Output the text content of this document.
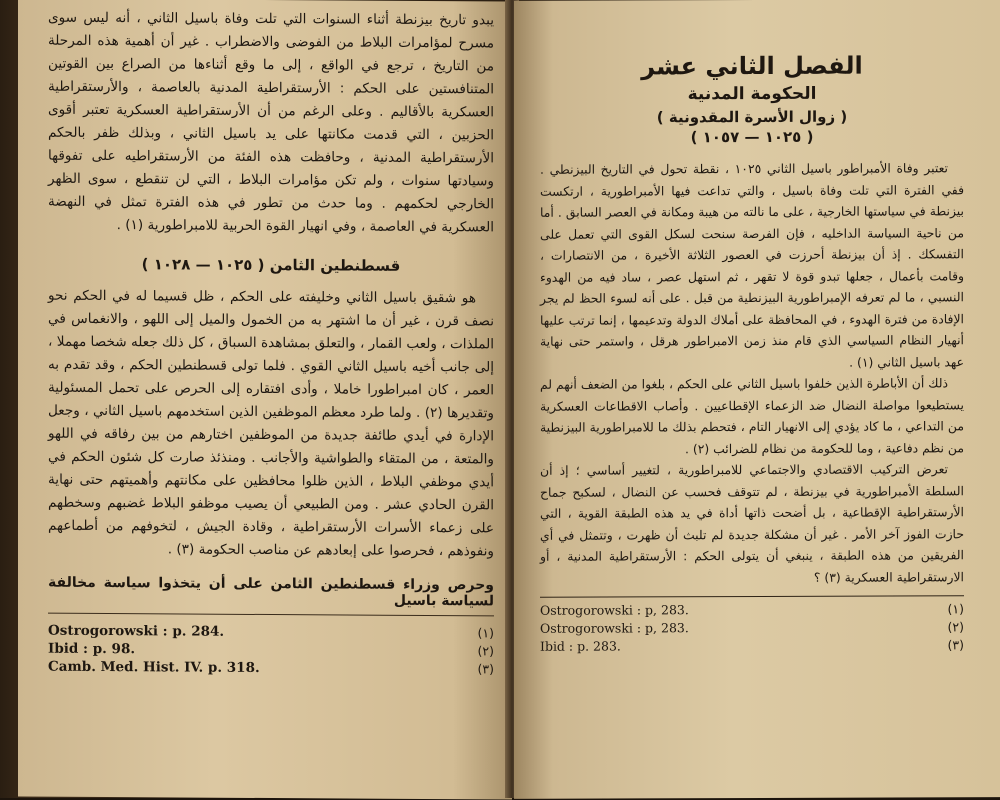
يبدو تاريخ بيزنطة أثناء السنوات التي تلت وفاة باسيل الثاني ، أنه ليس سوى مسرح لمؤامرات البلاط من الفوضى والاضطراب . غير أن أهمية هذه المرحلة من التاريخ ، ترجع في الواقع ، إلى ما وقع أثناءها من الصراع بين القوتين المتنافستين على الحكم : الأرستقراطية المدنية بالعاصمة ، والأرستقراطية العسكرية بالأقاليم . وعلى الرغم من أن الأرستقراطية العسكرية تعتبر أقوى الحزبين ، التي قدمت مكانتها على يد باسيل الثاني ، وبذلك ظفر بالحكم الأرستقراطية المدنية ، وحافظت هذه الفئة من الأرستقراطيه على تفوقها وسيادتها سنوات ، ولم تكن مؤامرات البلاط ، التي لن تنقطع ، سوى الظهر الخارجي لحكمهم . وما حدث من تطور في هذه الفترة تمثل في النهضة العسكرية في العاصمة ، وفي انهيار القوة الحربية للامبراطورية (١) .

قسطنطين الثامن ( ١٠٢٥ — ١٠٢٨ )

هو شقيق باسيل الثاني وخليفته على الحكم ، ظل قسيما له في الحكم نحو نصف قرن ، غير أن ما اشتهر به من الخمول والميل إلى اللهو ، والانغماس في الملذات ، ولعب القمار ، والتعلق بمشاهدة السباق ، كل ذلك جعله شخصا مهملا ، إلى جانب أخيه باسيل الثاني القوي . فلما تولى قسطنطين الحكم ، وقد تقدم به العمر ، كان امبراطورا خاملا ، وأدى افتقاره إلى الحرص على تحمل المسئولية وتقديرها (٢) . ولما طرد معظم الموظفين الذين استخدمهم باسيل الثاني ، وجعل الإدارة في أيدي طائفة جديدة من الموظفين اختارهم من بين رفاقه في اللهو والمتعة ، من المتقاء والطواشية والأجانب . ومنذئذ صارت كل شئون الحكم في أيدي موظفي البلاط ، الذين ظلوا محافظين على مكانتهم وأهميتهم حتى نهاية القرن الحادي عشر . ومن الطبيعي أن يصيب موظفو البلاط غضبهم وسخطهم على زعماء الأسرات الأرستقراطية ، وقادة الجيش ، لتخوفهم من أطماعهم ونفوذهم ، فحرصوا على إبعادهم عن مناصب الحكومة (٣) .

وحرص وزراء قسطنطين الثامن على أن يتخذوا سياسة مخالفة لسياسة باسيل
Ostrogorowski : p. 284.	(١)
Ibid : p. 98.	(٢)
Camb. Med. Hist. IV. p. 318.	(٣)
الفصل الثاني عشر
الحكومة المدنية
( زوال الأسرة المقدونية )
( ١٠٢٥ — ١٠٥٧ )

تعتبر وفاة الأمبراطور باسيل الثاني ١٠٢٥ ، نقطة تحول في التاريخ البيزنطي . ففي الفترة التي تلت وفاة باسيل ، والتي تداعت فيها الأمبراطورية ، ارتكست بيزنطة في سياستها الخارجية ، على ما نالته من هيبة ومكانة في العصر السابق . أما من ناحية السياسة الداخليه ، فإن الفرصة سنحت لسكل القوى التي تعمل على التفسكك . إذ أن بيزنطة أحرزت في العصور الثلاثة الأخيرة ، من الانتصارات ، وقامت بأعمال ، جعلها تبدو قوة لا تقهر ، ثم استهل عصر ، ساد فيه من الهدوء النسبي ، ما لم تعرفه الإمبراطورية البيزنطية من قبل . على أنه لسوء الحظ لم يجر الإفادة من فترة الهدوء ، في المحافظة على أملاك الدولة وتدعيمها ، إنما ترتب عليها أنهيار النظام السياسي الذي قام منذ زمن الامبراطور هرقل ، واستمر حتى نهاية عهد باسيل الثاني (١) .

ذلك أن الأباطرة الذين خلفوا باسيل الثاني على الحكم ، بلغوا من الضعف أنهم لم يستطيعوا مواصلة النضال ضد الزعماء الإقطاعيين . وأصاب الاقطاعات العسكرية من التداعي ، ما كاد يؤدي إلى الانهيار التام ، فتحطم بذلك ما للامبراطورية البيزنطية من نظم دفاعية ، وما للحكومة من نظام للضرائب (٢) .

تعرض التركيب الاقتصادي والاجتماعي للامبراطورية ، لتغيير أساسي ؛ إذ أن السلطة الأمبراطورية في بيزنطة ، لم تتوقف فحسب عن النضال ، لسكبح جماح الأرستقراطية الإقطاعية ، بل أضحت ذاتها أداة في يد هذه الطبقة القوية ، التي حازت الفوز آخر الأمر . غير أن مشكلة جديدة لم تلبث أن ظهرت ، وتتمثل في أي الفريقين من هذه الطبقة ، ينبغي أن يتولى الحكم : الأرستقراطية المدنية ، أو الارستقراطية العسكرية (٣) ؟

Ostrogorowski : p, 283.	(١)
Ostrogorowski : p, 283.	(٢)
Ibid : p. 283.	(٣)
